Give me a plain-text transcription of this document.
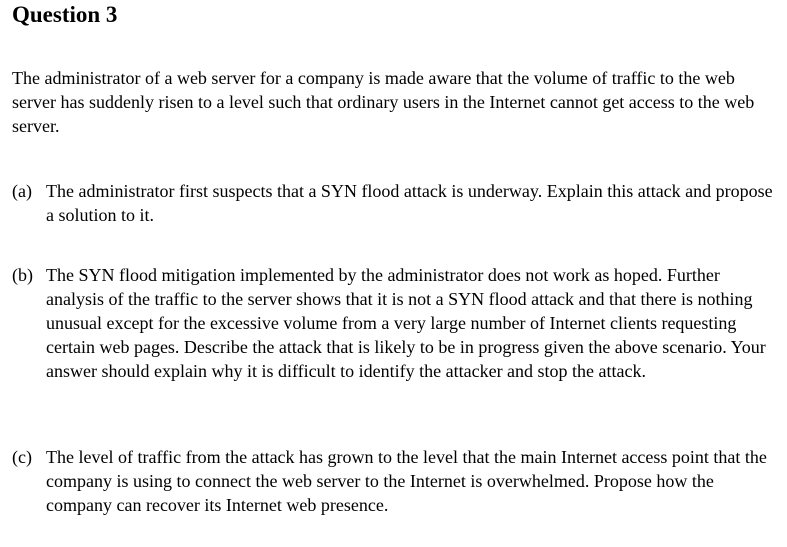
Question 3

The administrator of a web server for a company is made aware that the volume of traffic to the web server has suddenly risen to a level such that ordinary users in the Internet cannot get access to the web server.

(a) The administrator first suspects that a SYN flood attack is underway. Explain this attack and propose a solution to it.
(b) The SYN flood mitigation implemented by the administrator does not work as hoped. Further analysis of the traffic to the server shows that it is not a SYN flood attack and that there is nothing unusual except for the excessive volume from a very large number of Internet clients requesting certain web pages. Describe the attack that is likely to be in progress given the above scenario. Your answer should explain why it is difficult to identify the attacker and stop the attack.
(c) The level of traffic from the attack has grown to the level that the main Internet access point that the company is using to connect the web server to the Internet is overwhelmed. Propose how the company can recover its Internet web presence.
